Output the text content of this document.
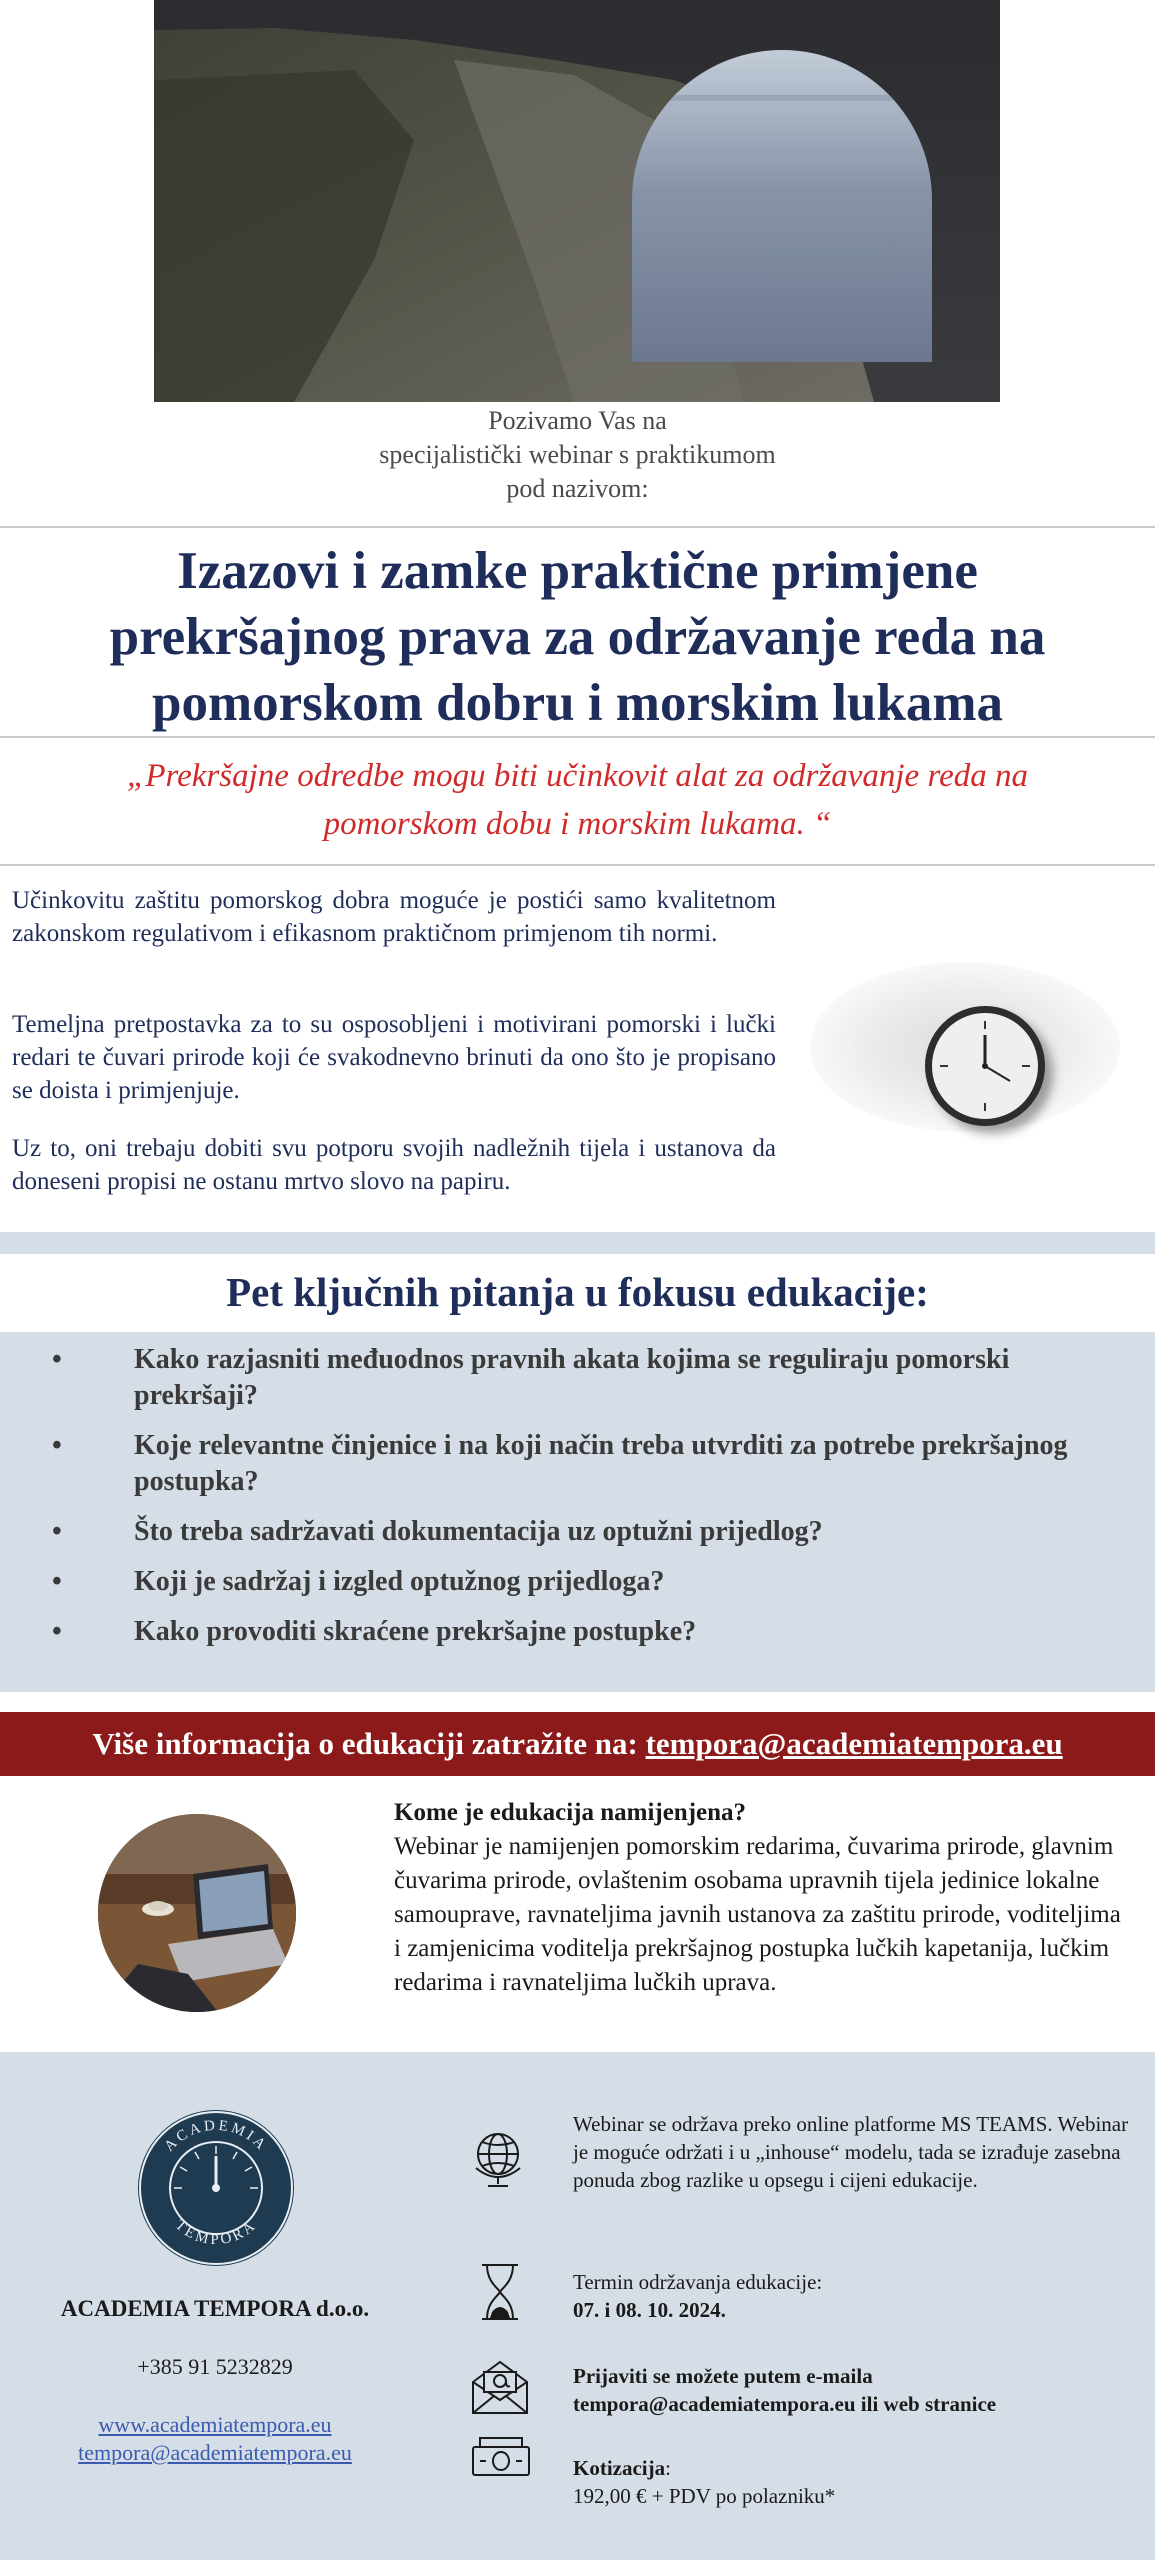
Pozivamo Vas na
specijalistički webinar s praktikumom
pod nazivom:
Izazovi i zamke praktične primjene
prekršajnog prava za održavanje reda na
pomorskom dobru i morskim lukama
„Prekršajne odredbe mogu biti učinkovit alat za održavanje reda na
pomorskom dobu i morskim lukama. “
Učinkovitu zaštitu pomorskog dobra moguće je postići samo kvalitetnom zakonskom regulativom i efikasnom praktičnom primjenom tih normi.
Temeljna pretpostavka za to su osposobljeni i motivirani pomorski i lučki redari te čuvari prirode koji će svakodnevno brinuti da ono što je propisano se doista i primjenjuje.
Uz to, oni trebaju dobiti svu potporu svojih nadležnih tijela i ustanova da doneseni propisi ne ostanu mrtvo slovo na papiru.
Pet ključnih pitanja u fokusu edukacije:
•	Kako razjasniti međuodnos pravnih akata kojima se reguliraju pomorski prekršaji?
•	Koje relevantne činjenice i na koji način treba utvrditi za potrebe prekršajnog postupka?
•	Što treba sadržavati dokumentacija uz optužni prijedlog?
•	Koji je sadržaj i izgled optužnog prijedloga?
•	Kako provoditi skraćene prekršajne postupke?
Više informacija o edukaciji zatražite na: tempora@academiatempora.eu
Kome je edukacija namijenjena?
Webinar je namijenjen pomorskim redarima, čuvarima prirode, glavnim čuvarima prirode, ovlaštenim osobama upravnih tijela jedinice lokalne samouprave, ravnateljima javnih ustanova za zaštitu prirode, voditeljima i zamjenicima voditelja prekršajnog postupka lučkih kapetanija, lučkim redarima i ravnateljima lučkih uprava.
ACADEMIA
TEMPORA
ACADEMIA TEMPORA d.o.o.
+385 91 5232829
www.academiatempora.eu
tempora@academiatempora.eu
Webinar se održava preko online platforme MS TEAMS. Webinar je moguće održati i u „inhouse“ modelu, tada se izrađuje zasebna ponuda zbog razlike u opsegu i cijeni edukacije.
Termin održavanja edukacije:
07. i 08. 10. 2024.
Prijaviti se možete putem e-maila tempora@academiatempora.eu ili web stranice
Kotizacija:
192,00 € + PDV po polazniku*
